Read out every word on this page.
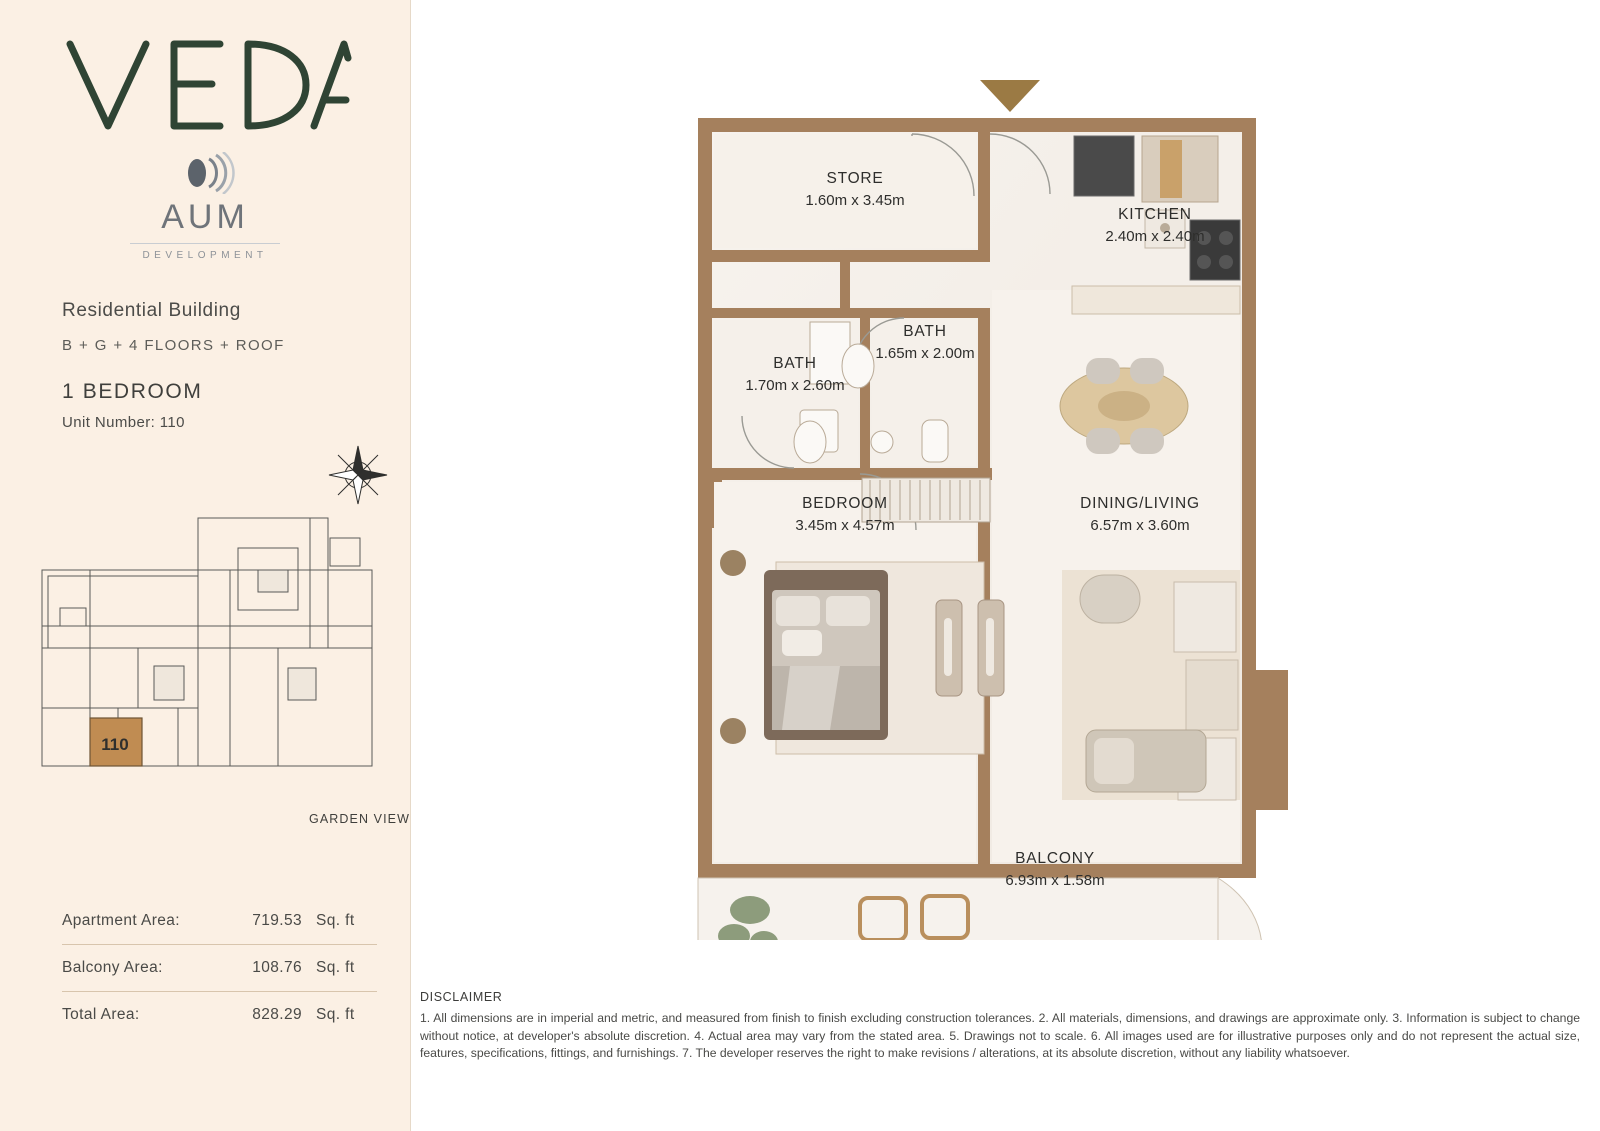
AUM
DEVELOPMENT
Residential Building
B + G + 4 FLOORS + ROOF
1 BEDROOM
Unit Number: 110
110
GARDEN VIEW
Apartment Area:	719.53 Sq. ft
Balcony Area:	108.76 Sq. ft
Total Area:	828.29 Sq. ft
STORE
1.60m x 3.45m
KITCHEN
2.40m x 2.40m
BATH
1.65m x 2.00m
BATH
1.70m x 2.60m
BEDROOM
3.45m x 4.57m
DINING/LIVING
6.57m x 3.60m
BALCONY
6.93m x 1.58m
DISCLAIMER

1. All dimensions are in imperial and metric, and measured from finish to finish excluding construction tolerances. 2. All materials, dimensions, and drawings are approximate only. 3. Information is subject to change without notice, at developer's absolute discretion. 4. Actual area may vary from the stated area. 5. Drawings not to scale. 6. All images used are for illustrative purposes only and do not represent the actual size, features, specifications, fittings, and furnishings. 7. The developer reserves the right to make revisions / alterations, at its absolute discretion, without any liability whatsoever.
